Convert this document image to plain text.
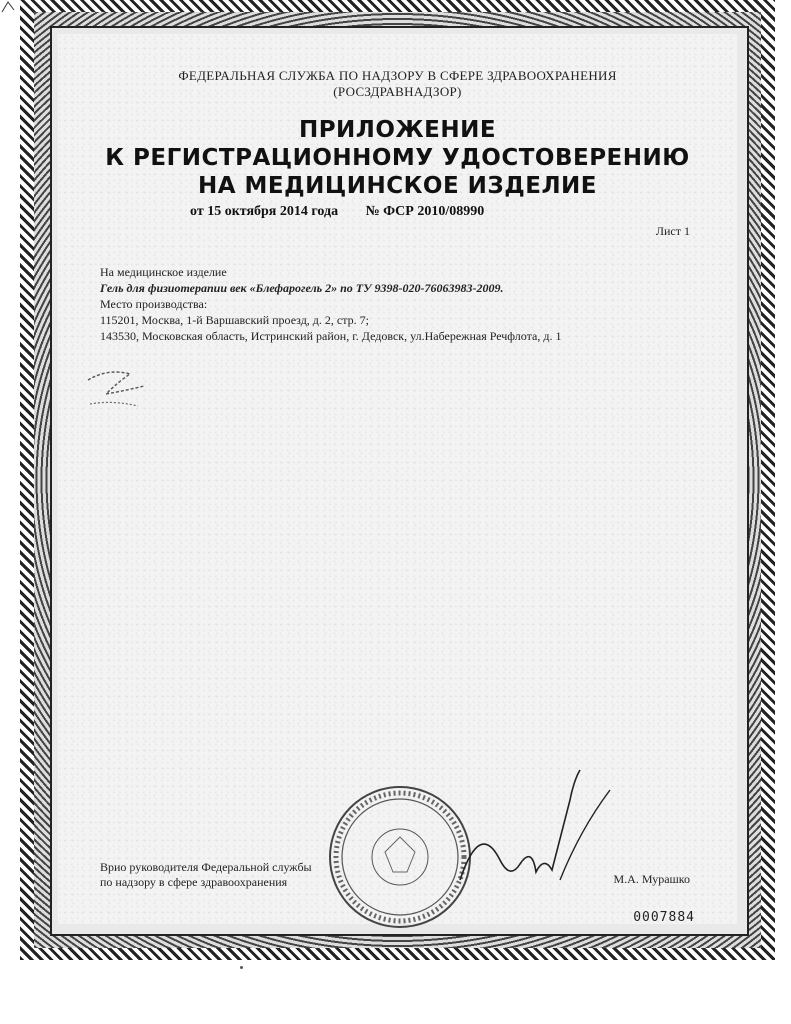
ФЕДЕРАЛЬНАЯ СЛУЖБА ПО НАДЗОРУ В СФЕРЕ ЗДРАВООХРАНЕНИЯ
(РОСЗДРАВНАДЗОР)
ПРИЛОЖЕНИЕ
К РЕГИСТРАЦИОННОМУ УДОСТОВЕРЕНИЮ
НА МЕДИЦИНСКОЕ ИЗДЕЛИЕ
от 15 октября 2014 года № ФСР 2010/08990
Лист 1
На медицинское изделие
Гель для физиотерапии век «Блефарогель 2» по ТУ 9398-020-76063983-2009.
Место производства:
115201, Москва, 1-й Варшавский проезд, д. 2, стр. 7;
143530, Московская область, Истринский район, г. Дедовск, ул.Набережная Речфлота, д. 1
Врио руководителя Федеральной службы
по надзору в сфере здравоохранения	М.А. Мурашко
0007884
